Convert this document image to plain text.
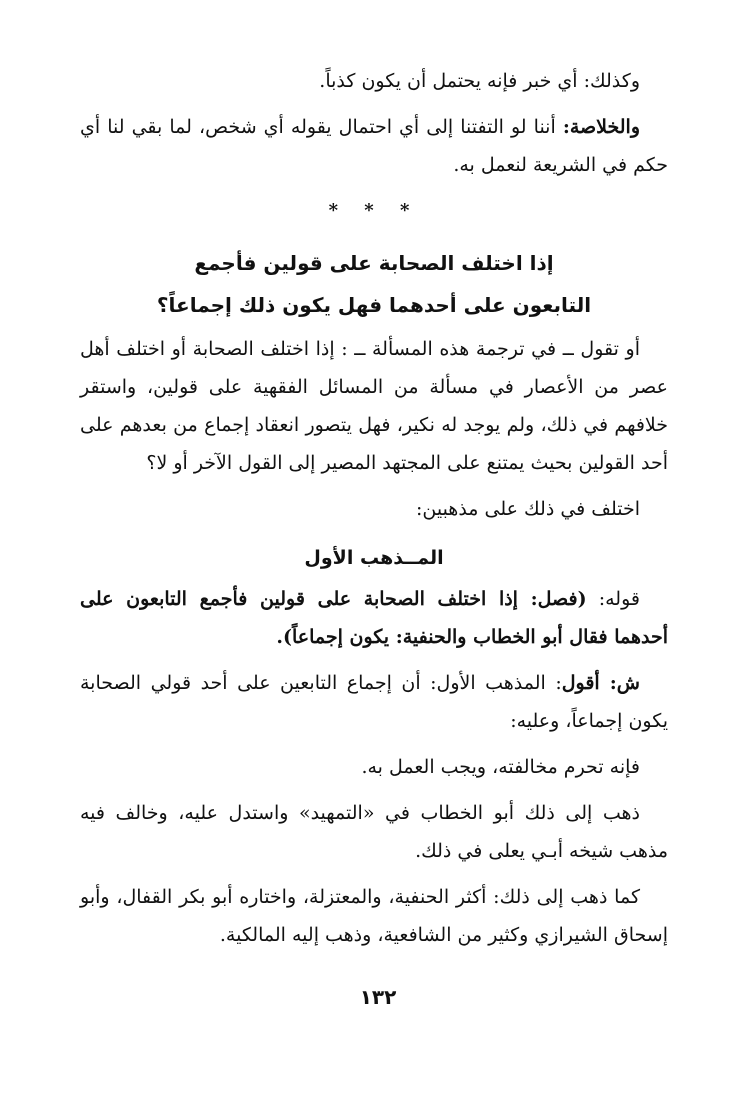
وكذلك: أي خبر فإنه يحتمل أن يكون كذباً.

والخلاصة: أننا لو التفتنا إلى أي احتمال يقوله أي شخص، لما بقي لنا أي حكم في الشريعة لنعمل به.

* * *

إذا اختلف الصحابة على قولين فأجمع

التابعون على أحدهما فهل يكون ذلك إجماعاً؟

أو تقول ــ في ترجمة هذه المسألة ــ : إذا اختلف الصحابة أو اختلف أهل عصر من الأعصار في مسألة من المسائل الفقهية على قولين، واستقر خلافهم في ذلك، ولم يوجد له نكير، فهل يتصور انعقاد إجماع من بعدهم على أحد القولين بحيث يمتنع على المجتهد المصير إلى القول الآخر أو لا؟

اختلف في ذلك على مذهبين:

المــذهب الأول

قوله: (فصل: إذا اختلف الصحابة على قولين فأجمع التابعون على أحدهما فقال أبو الخطاب والحنفية: يكون إجماعاً).

ش: أقول: المذهب الأول: أن إجماع التابعين على أحد قولي الصحابة يكون إجماعاً، وعليه:

فإنه تحرم مخالفته، ويجب العمل به.

ذهب إلى ذلك أبو الخطاب في «التمهيد» واستدل عليه، وخالف فيه مذهب شيخه أبـي يعلى في ذلك.

كما ذهب إلى ذلك: أكثر الحنفية، والمعتزلة، واختاره أبو بكر القفال، وأبو إسحاق الشيرازي وكثير من الشافعية، وذهب إليه المالكية.

١٣٢
